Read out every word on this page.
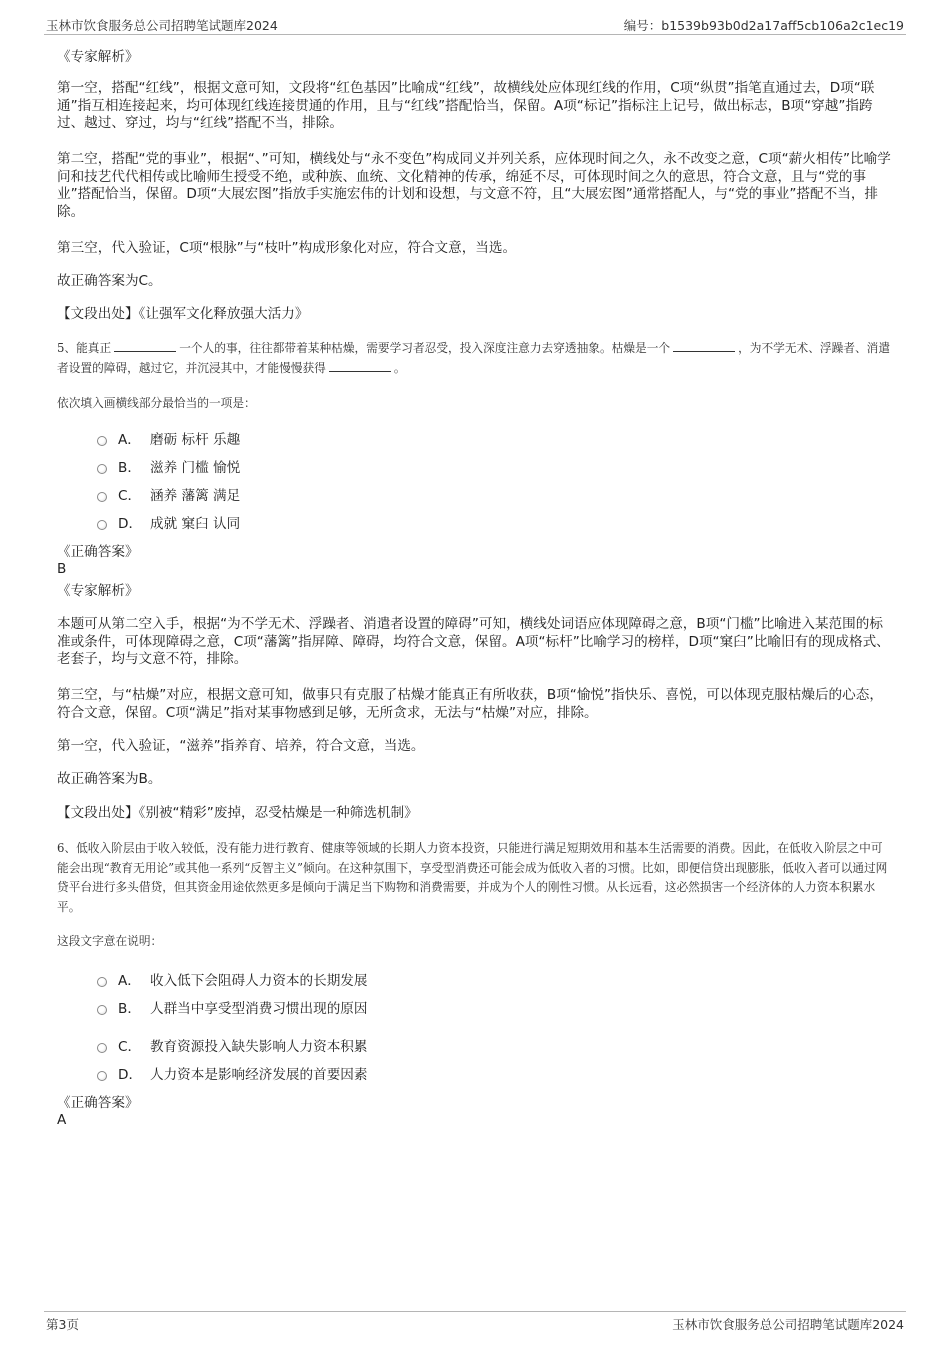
玉林市饮食服务总公司招聘笔试题库2024	编号：b1539b93b0d2a17aff5cb106a2c1ec19
《专家解析》
第一空，搭配“红线”，根据文意可知，文段将“红色基因”比喻成“红线”，故横线处应体现红线的作用，C项“纵贯”指笔直通过去，D项“联通”指互相连接起来，均可体现红线连接贯通的作用，且与“红线”搭配恰当，保留。A项“标记”指标注上记号，做出标志，B项“穿越”指跨过、越过、穿过，均与“红线”搭配不当，排除。
第二空，搭配“党的事业”，根据“、”可知，横线处与“永不变色”构成同义并列关系，应体现时间之久，永不改变之意，C项“薪火相传”比喻学问和技艺代代相传或比喻师生授受不绝，或种族、血统、文化精神的传承，绵延不尽，可体现时间之久的意思，符合文意，且与“党的事业”搭配恰当，保留。D项“大展宏图”指放手实施宏伟的计划和设想，与文意不符，且“大展宏图”通常搭配人，与“党的事业”搭配不当，排除。
第三空，代入验证，C项“根脉”与“枝叶”构成形象化对应，符合文意，当选。
故正确答案为C。
【文段出处】《让强军文化释放强大活力》
5、能真正	一个人的事，往往都带着某种枯燥，需要学习者忍受，投入深度注意力去穿透抽象。枯燥是一个	，为不学无术、浮躁者、消遣者设置的障碍，越过它，并沉浸其中，才能慢慢获得	。
依次填入画横线部分最恰当的一项是：
A． 磨砺 标杆 乐趣
B． 滋养 门槛 愉悦
C． 涵养 藩篱 满足
D． 成就 窠臼 认同
《正确答案》
B
《专家解析》
本题可从第二空入手，根据“为不学无术、浮躁者、消遣者设置的障碍”可知，横线处词语应体现障碍之意，B项“门槛”比喻进入某范围的标准或条件，可体现障碍之意，C项“藩篱”指屏障、障碍，均符合文意，保留。A项“标杆”比喻学习的榜样，D项“窠臼”比喻旧有的现成格式、老套子，均与文意不符，排除。
第三空，与“枯燥”对应，根据文意可知，做事只有克服了枯燥才能真正有所收获，B项“愉悦”指快乐、喜悦，可以体现克服枯燥后的心态，符合文意，保留。C项“满足”指对某事物感到足够，无所贪求，无法与“枯燥”对应，排除。
第一空，代入验证，“滋养”指养育、培养，符合文意，当选。
故正确答案为B。
【文段出处】《别被“精彩”废掉，忍受枯燥是一种筛选机制》
6、低收入阶层由于收入较低，没有能力进行教育、健康等领域的长期人力资本投资，只能进行满足短期效用和基本生活需要的消费。因此，在低收入阶层之中可能会出现“教育无用论”或其他一系列“反智主义”倾向。在这种氛围下，享受型消费还可能会成为低收入者的习惯。比如，即便信贷出现膨胀，低收入者可以通过网贷平台进行多头借贷，但其资金用途依然更多是倾向于满足当下购物和消费需要，并成为个人的刚性习惯。从长远看，这必然损害一个经济体的人力资本积累水平。
这段文字意在说明：
A． 收入低下会阻碍人力资本的长期发展
B． 人群当中享受型消费习惯出现的原因
C． 教育资源投入缺失影响人力资本积累
D． 人力资本是影响经济发展的首要因素
《正确答案》
A
第3页	玉林市饮食服务总公司招聘笔试题库2024
